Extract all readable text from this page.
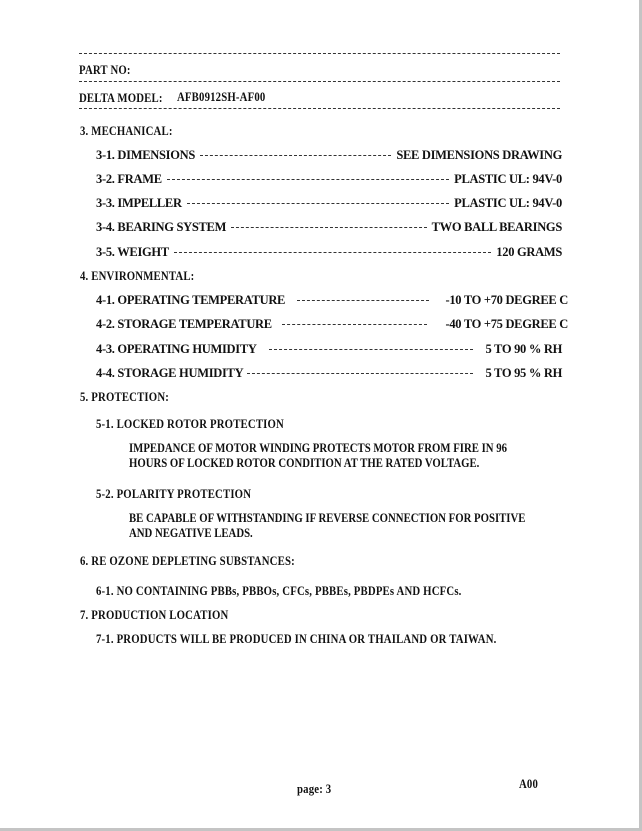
PART NO:
DELTA MODEL: AFB0912SH-AF00
3. MECHANICAL:
3-1. DIMENSIONS	SEE DIMENSIONS DRAWING
3-2. FRAME	PLASTIC UL: 94V-0
3-3. IMPELLER	PLASTIC UL: 94V-0
3-4. BEARING SYSTEM	TWO BALL BEARINGS
3-5. WEIGHT	120 GRAMS
4. ENVIRONMENTAL:
4-1. OPERATING TEMPERATURE	-10 TO +70 DEGREE C
4-2. STORAGE TEMPERATURE	-40 TO +75 DEGREE C
4-3. OPERATING HUMIDITY	5 TO 90 % RH
4-4. STORAGE HUMIDITY	5 TO 95 % RH
5. PROTECTION:
5-1. LOCKED ROTOR PROTECTION
IMPEDANCE OF MOTOR WINDING PROTECTS MOTOR FROM FIRE IN 96
HOURS OF LOCKED ROTOR CONDITION AT THE RATED VOLTAGE.
5-2. POLARITY PROTECTION
BE CAPABLE OF WITHSTANDING IF REVERSE CONNECTION FOR POSITIVE
AND NEGATIVE LEADS.
6. RE OZONE DEPLETING SUBSTANCES:
6-1. NO CONTAINING PBBs, PBBOs, CFCs, PBBEs, PBDPEs AND HCFCs.
7. PRODUCTION LOCATION
7-1. PRODUCTS WILL BE PRODUCED IN CHINA OR THAILAND OR TAIWAN.
page: 3	A00
